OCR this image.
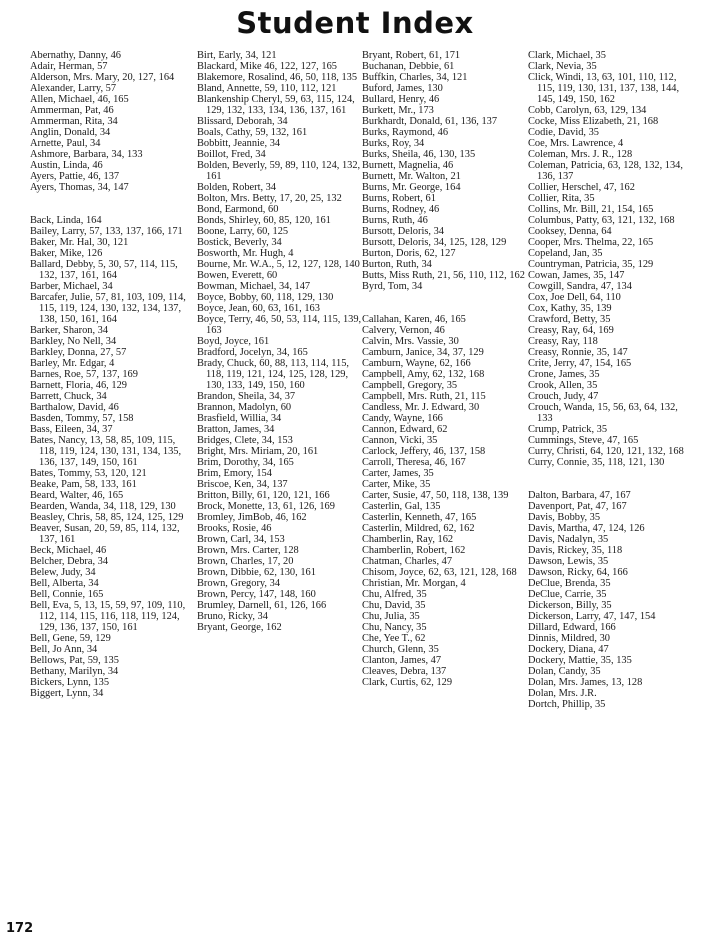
Student Index
Abernathy, Danny, 46
Adair, Herman, 57
Alderson, Mrs. Mary, 20, 127, 164
Alexander, Larry, 57
Allen, Michael, 46, 165
Ammerman, Pat, 46
Ammerman, Rita, 34
Anglin, Donald, 34
Arnette, Paul, 34
Ashmore, Barbara, 34, 133
Austin, Linda, 46
Ayers, Pattie, 46, 137
Ayers, Thomas, 34, 147
Back, Linda, 164
Bailey, Larry, 57, 133, 137, 166, 171
Baker, Mr. Hal, 30, 121
Baker, Mike, 126
Ballard, Debby, 5, 30, 57, 114, 115, 132, 137, 161, 164
Barber, Michael, 34
Barcafer, Julie, 57, 81, 103, 109, 114, 115, 119, 124, 130, 132, 134, 137, 138, 150, 161, 164
Barker, Sharon, 34
Barkley, No Nell, 34
Barkley, Donna, 27, 57
Barley, Mr. Edgar, 4
Barnes, Roe, 57, 137, 169
Barnett, Floria, 46, 129
Barrett, Chuck, 34
Barthalow, David, 46
Basden, Tommy, 57, 158
Bass, Eileen, 34, 37
Bates, Nancy, 13, 58, 85, 109, 115, 118, 119, 124, 130, 131, 134, 135, 136, 137, 149, 150, 161
Bates, Tommy, 53, 120, 121
Beake, Pam, 58, 133, 161
Beard, Walter, 46, 165
Bearden, Wanda, 34, 118, 129, 130
Beasley, Chris, 58, 85, 124, 125, 129
Beaver, Susan, 20, 59, 85, 114, 132, 137, 161
Beck, Michael, 46
Belcher, Debra, 34
Belew, Judy, 34
Bell, Alberta, 34
Bell, Connie, 165
Bell, Eva, 5, 13, 15, 59, 97, 109, 110, 112, 114, 115, 116, 118, 119, 124, 129, 136, 137, 150, 161
Bell, Gene, 59, 129
Bell, Jo Ann, 34
Bellows, Pat, 59, 135
Bethany, Marilyn, 34
Bickers, Lynn, 135
Biggert, Lynn, 34
Birt, Early, 34, 121
Blackard, Mike 46, 122, 127, 165
Blakemore, Rosalind, 46, 50, 118, 135
Bland, Annette, 59, 110, 112, 121
Blankenship Cheryl, 59, 63, 115, 124, 129, 132, 133, 134, 136, 137, 161
Blissard, Deborah, 34
Boals, Cathy, 59, 132, 161
Bobbitt, Jeannie, 34
Boillot, Fred, 34
Bolden, Beverly, 59, 89, 110, 124, 132, 161
Bolden, Robert, 34
Bolton, Mrs. Betty, 17, 20, 25, 132
Bond, Earmond, 60
Bonds, Shirley, 60, 85, 120, 161
Boone, Larry, 60, 125
Bostick, Beverly, 34
Bosworth, Mr. Hugh, 4
Bourne, Mr. W.A., 5, 12, 127, 128, 140
Bowen, Everett, 60
Bowman, Michael, 34, 147
Boyce, Bobby, 60, 118, 129, 130
Boyce, Jean, 60, 63, 161, 163
Boyce, Terry, 46, 50, 53, 114, 115, 139, 163
Boyd, Joyce, 161
Bradford, Jocelyn, 34, 165
Brady, Chuck, 60, 88, 113, 114, 115, 118, 119, 121, 124, 125, 128, 129, 130, 133, 149, 150, 160
Brandon, Sheila, 34, 37
Brannon, Madolyn, 60
Brasfield, Willia, 34
Bratton, James, 34
Bridges, Clete, 34, 153
Bright, Mrs. Miriam, 20, 161
Brim, Dorothy, 34, 165
Brim, Emory, 154
Briscoe, Ken, 34, 137
Britton, Billy, 61, 120, 121, 166
Brock, Monette, 13, 61, 126, 169
Bromley, JimBob, 46, 162
Brooks, Rosie, 46
Brown, Carl, 34, 153
Brown, Mrs. Carter, 128
Brown, Charles, 17, 20
Brown, Dibbie, 62, 130, 161
Brown, Gregory, 34
Brown, Percy, 147, 148, 160
Brumley, Darnell, 61, 126, 166
Bruno, Ricky, 34
Bryant, George, 162
Bryant, Robert, 61, 171
Buchanan, Debbie, 61
Buffkin, Charles, 34, 121
Buford, James, 130
Bullard, Henry, 46
Burkett, Mr., 173
Burkhardt, Donald, 61, 136, 137
Burks, Raymond, 46
Burks, Roy, 34
Burks, Sheila, 46, 130, 135
Burnett, Magnelia, 46
Burnett, Mr. Walton, 21
Burns, Mr. George, 164
Burns, Robert, 61
Burns, Rodney, 46
Burns, Ruth, 46
Bursott, Deloris, 34
Bursott, Deloris, 34, 125, 128, 129
Burton, Doris, 62, 127
Burton, Ruth, 34
Butts, Miss Ruth, 21, 56, 110, 112, 162
Byrd, Tom, 34
Callahan, Karen, 46, 165
Calvery, Vernon, 46
Calvin, Mrs. Vassie, 30
Camburn, Janice, 34, 37, 129
Camburn, Wayne, 62, 166
Campbell, Amy, 62, 132, 168
Campbell, Gregory, 35
Campbell, Mrs. Ruth, 21, 115
Candless, Mr. J. Edward, 30
Candy, Wayne, 166
Cannon, Edward, 62
Cannon, Vicki, 35
Carlock, Jeffery, 46, 137, 158
Carroll, Theresa, 46, 167
Carter, James, 35
Carter, Mike, 35
Carter, Susie, 47, 50, 118, 138, 139
Casterlin, Gal, 135
Casterlin, Kenneth, 47, 165
Casterlin, Mildred, 62, 162
Chamberlin, Ray, 162
Chamberlin, Robert, 162
Chatman, Charles, 47
Chisom, Joyce, 62, 63, 121, 128, 168
Christian, Mr. Morgan, 4
Chu, Alfred, 35
Chu, David, 35
Chu, Julia, 35
Chu, Nancy, 35
Che, Yee T., 62
Church, Glenn, 35
Clanton, James, 47
Cleaves, Debra, 137
Clark, Curtis, 62, 129
Clark, Michael, 35
Clark, Nevia, 35
Click, Windi, 13, 63, 101, 110, 112, 115, 119, 130, 131, 137, 138, 144, 145, 149, 150, 162
Cobb, Carolyn, 63, 129, 134
Cocke, Miss Elizabeth, 21, 168
Codie, David, 35
Coe, Mrs. Lawrence, 4
Coleman, Mrs. J. R., 128
Coleman, Patricia, 63, 128, 132, 134, 136, 137
Collier, Herschel, 47, 162
Collier, Rita, 35
Collins, Mr. Bill, 21, 154, 165
Columbus, Patty, 63, 121, 132, 168
Cooksey, Denna, 64
Cooper, Mrs. Thelma, 22, 165
Copeland, Jan, 35
Countryman, Patricia, 35, 129
Cowan, James, 35, 147
Cowgill, Sandra, 47, 134
Cox, Joe Dell, 64, 110
Cox, Kathy, 35, 139
Crawford, Betty, 35
Creasy, Ray, 64, 169
Creasy, Ray, 118
Creasy, Ronnie, 35, 147
Crite, Jerry, 47, 154, 165
Crone, James, 35
Crook, Allen, 35
Crouch, Judy, 47
Crouch, Wanda, 15, 56, 63, 64, 132, 133
Crump, Patrick, 35
Cummings, Steve, 47, 165
Curry, Christi, 64, 120, 121, 132, 168
Curry, Connie, 35, 118, 121, 130
Dalton, Barbara, 47, 167
Davenport, Pat, 47, 167
Davis, Bobby, 35
Davis, Martha, 47, 124, 126
Davis, Nadalyn, 35
Davis, Rickey, 35, 118
Dawson, Lewis, 35
Dawson, Ricky, 64, 166
DeClue, Brenda, 35
DeClue, Carrie, 35
Dickerson, Billy, 35
Dickerson, Larry, 47, 147, 154
Dillard, Edward, 166
Dinnis, Mildred, 30
Dockery, Diana, 47
Dockery, Mattie, 35, 135
Dolan, Candy, 35
Dolan, Mrs. James, 13, 128
Dolan, Mrs. J.R.
Dortch, Phillip, 35
172
